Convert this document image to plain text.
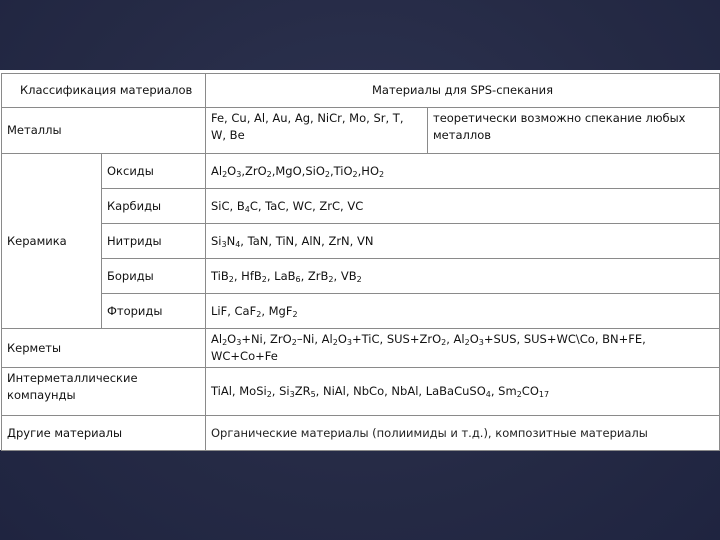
Классификация материалов		Материалы для SPS-спекания	
Металлы		Fe, Cu, Al, Au, Ag, NiCr, Mo, Sr, T, W, Be	теоретически возможно спекание любых металлов
Керамика	Оксиды	$Al_2O_3,ZrO_2,MgO,SiO_2,TiO_2,HO_2$
	Карбиды	SiC, $B_4C$, TaC, WC, ZrC, VC	
	Нитриды	$Si_3N_4$, TaN, TiN, AlN, ZrN, VN	
	Бориды	TiB$_2$, HfB$_2$, LaB$_6$, ZrB$_2$, $VB_2$
	Фториды	LiF, CaF$_2$, MgF$_2$
Керметы		$Al_2O_3+Ni$, ZrO$_2$–Ni, $Al_2O_3+TiC$, SUS+ZrO$_2$, $Al_2O_3+SUS$, SUS+WC\Co, BN+FE, WC+Co+Fe	
Интерметаллические компаунды		TiAl, MoSi$_2$, $Si_3ZR_5$, NiAl, NbCo, NbAl, LaBaCuSO$_4$, $Sm_2CO_{17}$
Другие материалы		Органические материалы (полиимиды и т.д.), композитные материалы	
